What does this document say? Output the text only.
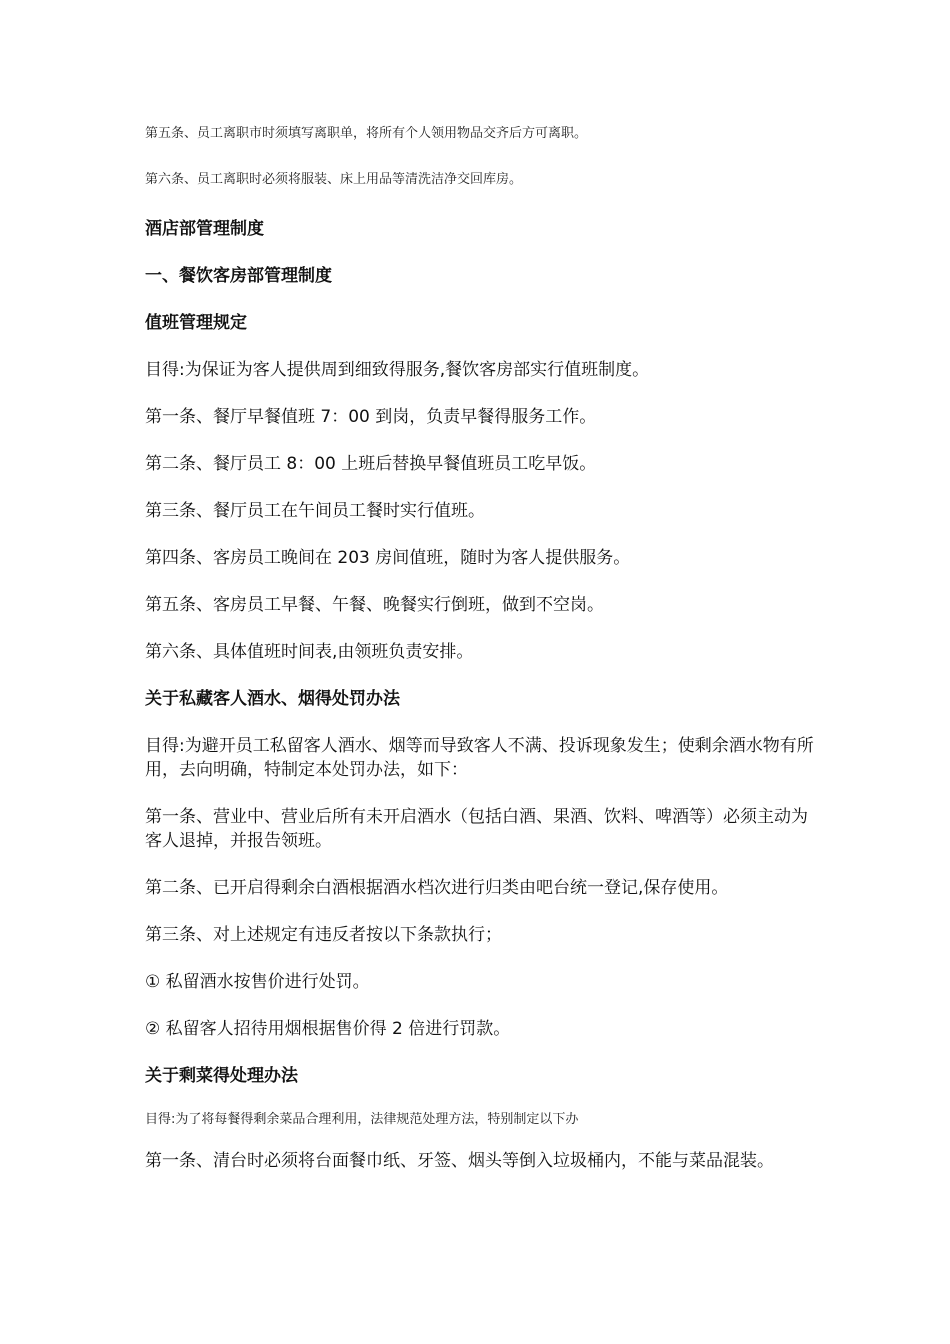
第五条、员工离职市时须填写离职单，将所有个人领用物品交齐后方可离职。

第六条、员工离职时必须将服装、床上用品等清洗洁净交回库房。

酒店部管理制度

一、餐饮客房部管理制度

值班管理规定

目得:为保证为客人提供周到细致得服务,餐饮客房部实行值班制度。

第一条、餐厅早餐值班 7：00 到岗，负责早餐得服务工作。

第二条、餐厅员工 8：00 上班后替换早餐值班员工吃早饭。

第三条、餐厅员工在午间员工餐时实行值班。

第四条、客房员工晚间在 203 房间值班，随时为客人提供服务。

第五条、客房员工早餐、午餐、晚餐实行倒班，做到不空岗。

第六条、具体值班时间表,由领班负责安排。

关于私藏客人酒水、烟得处罚办法

目得:为避开员工私留客人酒水、烟等而导致客人不满、投诉现象发生；使剩余酒水物有所用，去向明确，特制定本处罚办法，如下：

第一条、营业中、营业后所有未开启酒水（包括白酒、果酒、饮料、啤酒等）必须主动为客人退掉，并报告领班。

第二条、已开启得剩余白酒根据酒水档次进行归类由吧台统一登记,保存使用。

第三条、对上述规定有违反者按以下条款执行；

① 私留酒水按售价进行处罚。

② 私留客人招待用烟根据售价得 2 倍进行罚款。

关于剩菜得处理办法

目得:为了将每餐得剩余菜品合理利用，法律规范处理方法，特别制定以下办

第一条、清台时必须将台面餐巾纸、牙签、烟头等倒入垃圾桶内，不能与菜品混装。
